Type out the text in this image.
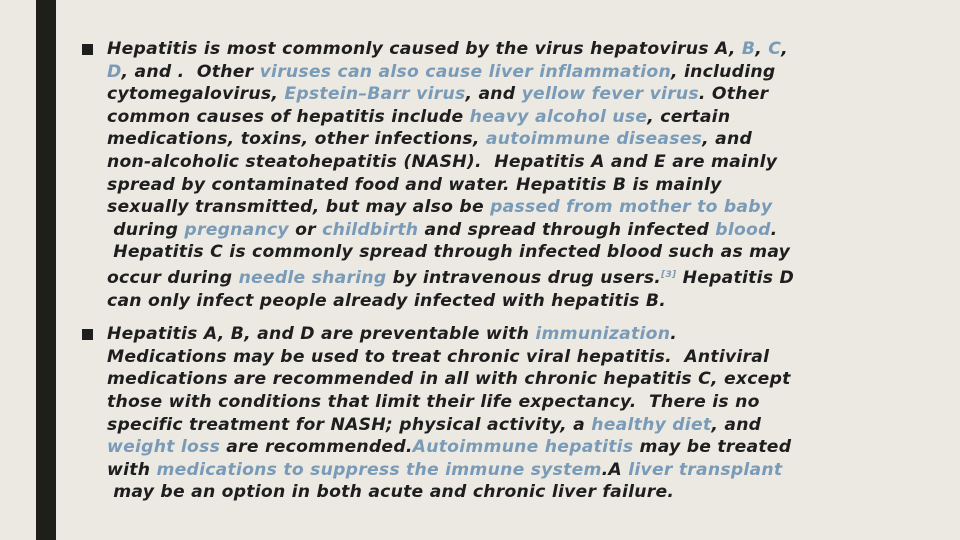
Hepatitis is most commonly caused by the virus hepatovirus A, B, C,
D, and .  Other viruses can also cause liver inflammation, including
cytomegalovirus, Epstein–Barr virus, and yellow fever virus. Other
common causes of hepatitis include heavy alcohol use, certain
medications, toxins, other infections, autoimmune diseases, and
non-alcoholic steatohepatitis (NASH).  Hepatitis A and E are mainly
spread by contaminated food and water. Hepatitis B is mainly
sexually transmitted, but may also be passed from mother to baby
during pregnancy or childbirth and spread through infected blood.
Hepatitis C is commonly spread through infected blood such as may
occur during needle sharing by intravenous drug users.[3] Hepatitis D
can only infect people already infected with hepatitis B.
Hepatitis A, B, and D are preventable with immunization.
Medications may be used to treat chronic viral hepatitis.  Antiviral
medications are recommended in all with chronic hepatitis C, except
those with conditions that limit their life expectancy.  There is no
specific treatment for NASH; physical activity, a healthy diet, and
weight loss are recommended.Autoimmune hepatitis may be treated
with medications to suppress the immune system.A liver transplant
may be an option in both acute and chronic liver failure.
